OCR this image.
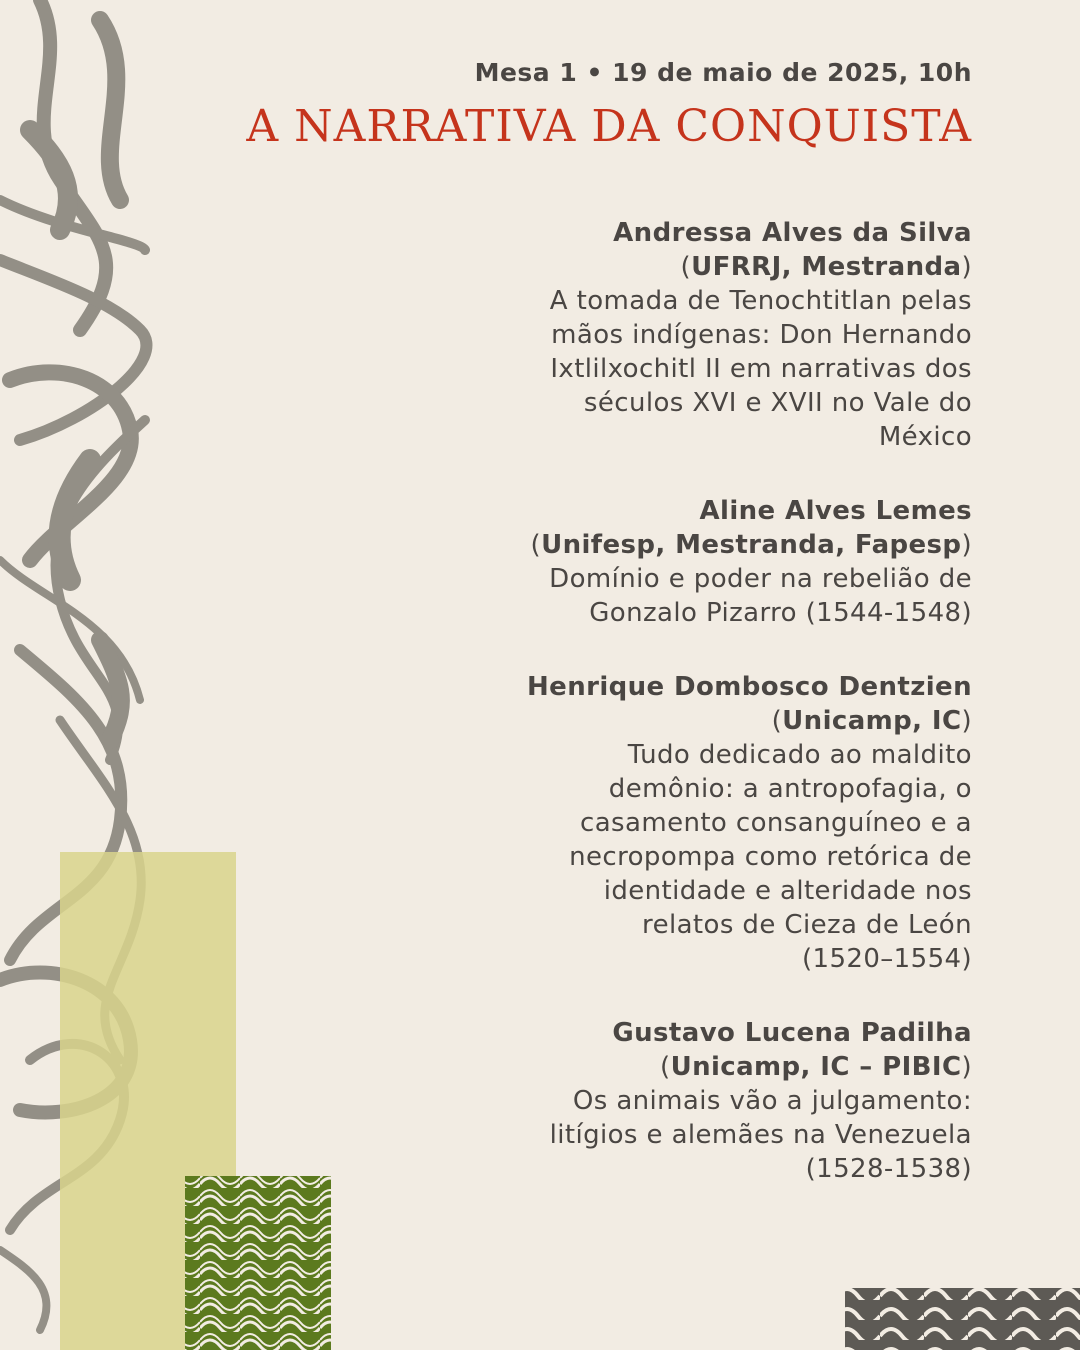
Mesa 1 • 19 de maio de 2025, 10h

A NARRATIVA DA CONQUISTA
Andressa Alves da Silva
(UFRRJ, Mestranda)
A tomada de Tenochtitlan pelas
mãos indígenas: Don Hernando
Ixtlilxochitl II em narrativas dos
séculos XVI e XVII no Vale do
México
Aline Alves Lemes
(Unifesp, Mestranda, Fapesp)
Domínio e poder na rebelião de
Gonzalo Pizarro (1544-1548)
Henrique Dombosco Dentzien
(Unicamp, IC)
Tudo dedicado ao maldito
demônio: a antropofagia, o
casamento consanguíneo e a
necropompa como retórica de
identidade e alteridade nos
relatos de Cieza de León
(1520–1554)
Gustavo Lucena Padilha
(Unicamp, IC – PIBIC)
Os animais vão a julgamento:
litígios e alemães na Venezuela
(1528-1538)
